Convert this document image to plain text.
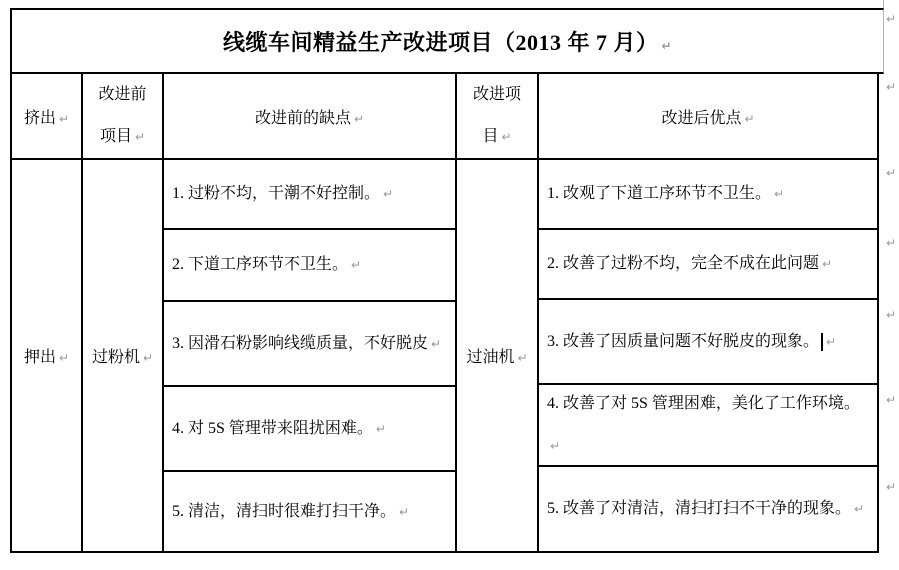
线缆车间精益生产改进项目（2013 年 7 月） ↵
挤出 ↵
改进前
项目 ↵
改进前的缺点 ↵
改进项
目 ↵
改进后优点 ↵
押出 ↵ 过粉机 ↵
1. 过粉不均，干潮不好控制。 ↵
2. 下道工序环节不卫生。 ↵
3. 因滑石粉影响线缆质量，不好脱皮 ↵
4. 对 5S 管理带来阻扰困难。 ↵
5. 清洁，清扫时很难打扫干净。 ↵
过油机 ↵
1. 改观了下道工序环节不卫生。 ↵
2. 改善了过粉不均，完全不成在此问题 ↵
3. 改善了因质量问题不好脱皮的现象。 ↵
4. 改善了对 5S 管理困难，美化了工作环境。↵
5. 改善了对清洁，清扫打扫不干净的现象。 ↵
↵
↵
↵
↵
↵
↵
↵
